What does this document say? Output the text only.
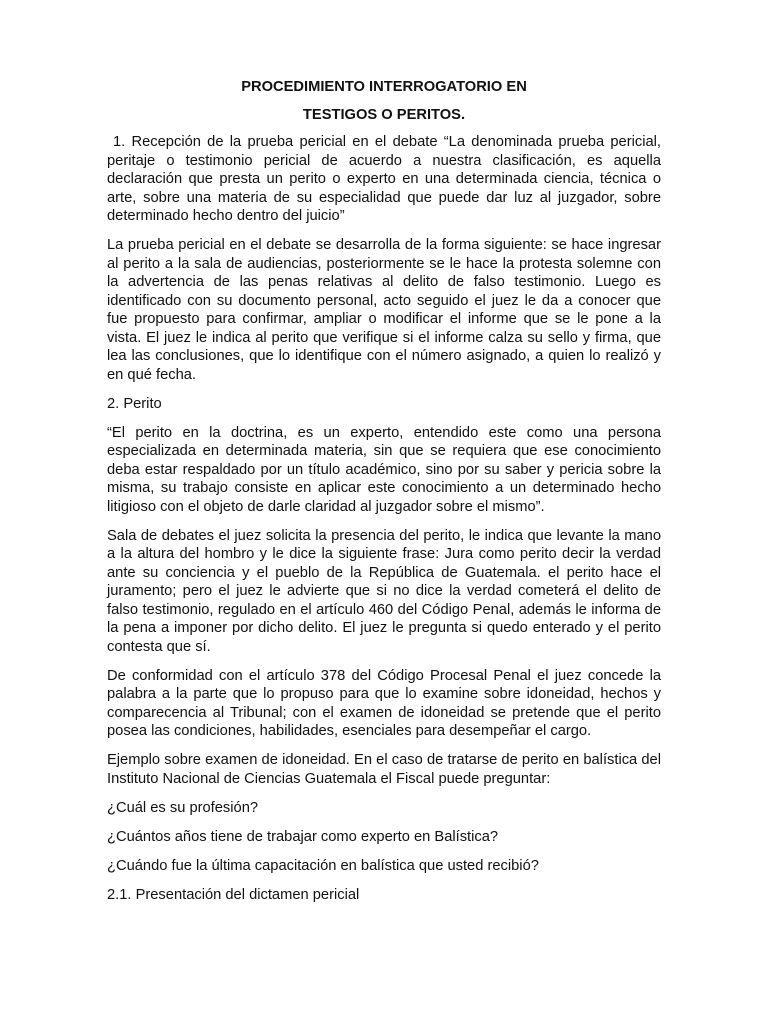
PROCEDIMIENTO INTERROGATORIO EN

TESTIGOS O PERITOS.

1. Recepción de la prueba pericial en el debate “La denominada prueba pericial, peritaje o testimonio pericial de acuerdo a nuestra clasificación, es aquella declaración que presta un perito o experto en una determinada ciencia, técnica o arte, sobre una materia de su especialidad que puede dar luz al juzgador, sobre determinado hecho dentro del juicio”

La prueba pericial en el debate se desarrolla de la forma siguiente: se hace ingresar al perito a la sala de audiencias, posteriormente se le hace la protesta solemne con la advertencia de las penas relativas al delito de falso testimonio. Luego es identificado con su documento personal, acto seguido el juez le da a conocer que fue propuesto para confirmar, ampliar o modificar el informe que se le pone a la vista. El juez le indica al perito que verifique si el informe calza su sello y firma, que lea las conclusiones, que lo identifique con el número asignado, a quien lo realizó y en qué fecha.

2. Perito

“El perito en la doctrina, es un experto, entendido este como una persona especializada en determinada materia, sin que se requiera que ese conocimiento deba estar respaldado por un título académico, sino por su saber y pericia sobre la misma, su trabajo consiste en aplicar este conocimiento a un determinado hecho litigioso con el objeto de darle claridad al juzgador sobre el mismo”.

Sala de debates el juez solicita la presencia del perito, le indica que levante la mano a la altura del hombro y le dice la siguiente frase: Jura como perito decir la verdad ante su conciencia y el pueblo de la República de Guatemala. el perito hace el juramento; pero el juez le advierte que si no dice la verdad cometerá el delito de falso testimonio, regulado en el artículo 460 del Código Penal, además le informa de la pena a imponer por dicho delito. El juez le pregunta si quedo enterado y el perito contesta que sí.

De conformidad con el artículo 378 del Código Procesal Penal el juez concede la palabra a la parte que lo propuso para que lo examine sobre idoneidad, hechos y comparecencia al Tribunal; con el examen de idoneidad se pretende que el perito posea las condiciones, habilidades, esenciales para desempeñar el cargo.

Ejemplo sobre examen de idoneidad. En el caso de tratarse de perito en balística del Instituto Nacional de Ciencias Guatemala el Fiscal puede preguntar:

¿Cuál es su profesión?

¿Cuántos años tiene de trabajar como experto en Balística?

¿Cuándo fue la última capacitación en balística que usted recibió?

2.1. Presentación del dictamen pericial
